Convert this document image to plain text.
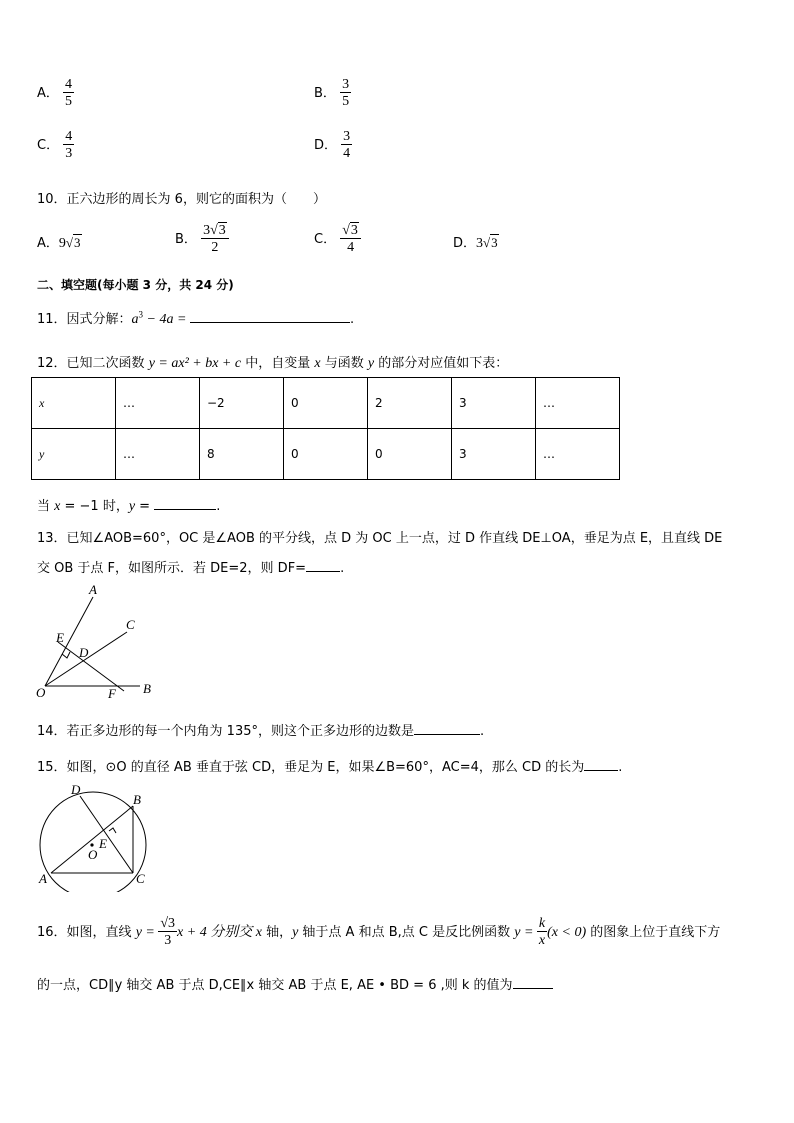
A． $\frac{4}{5}$	B． $\frac{3}{5}$
C． $\frac{4}{3}$	D． $\frac{3}{4}$
10．正六边形的周长为 6，则它的面积为（　　）
A．9√3	B． $\frac{3√3}{2}$	C． $\frac{√3}{4}$	D．3√3
二、填空题(每小题 3 分，共 24 分)
11．因式分解：$a^3 - 4a$ =	.
12．已知二次函数 y = ax² + bx + c 中，自变量 x 与函数 y 的部分对应值如下表：
x	…	−2	0	2	3	…
y	…	8	0	0	3	…
当 x = −1 时，y =	.
13．已知∠AOB=60°，OC 是∠AOB 的平分线，点 D 为 OC 上一点，过 D 作直线 DE⊥OA，垂足为点 E，且直线 DE
交 OB 于点 F，如图所示．若 DE=2，则 DF=	.
A
C
E
D
O	F B
14．若正多边形的每一个内角为 135°，则这个正多边形的边数是	.
15．如图，⊙O 的直径 AB 垂直于弦 CD，垂足为 E，如果∠B=60°，AC=4，那么 CD 的长为	.
D
B
E
O
A	C
16．如图，直线 $y = \frac{√3}{3}$ x + 4 分别交 x 轴，y 轴于点 A 和点 B,点 C 是反比例函数 $y = \frac{k}{x} (x < 0)$ 的图象上位于直线下方
的一点，CD∥y 轴交 AB 于点 D,CE∥x 轴交 AB 于点 E, AE • BD = 6 ,则 k 的值为
